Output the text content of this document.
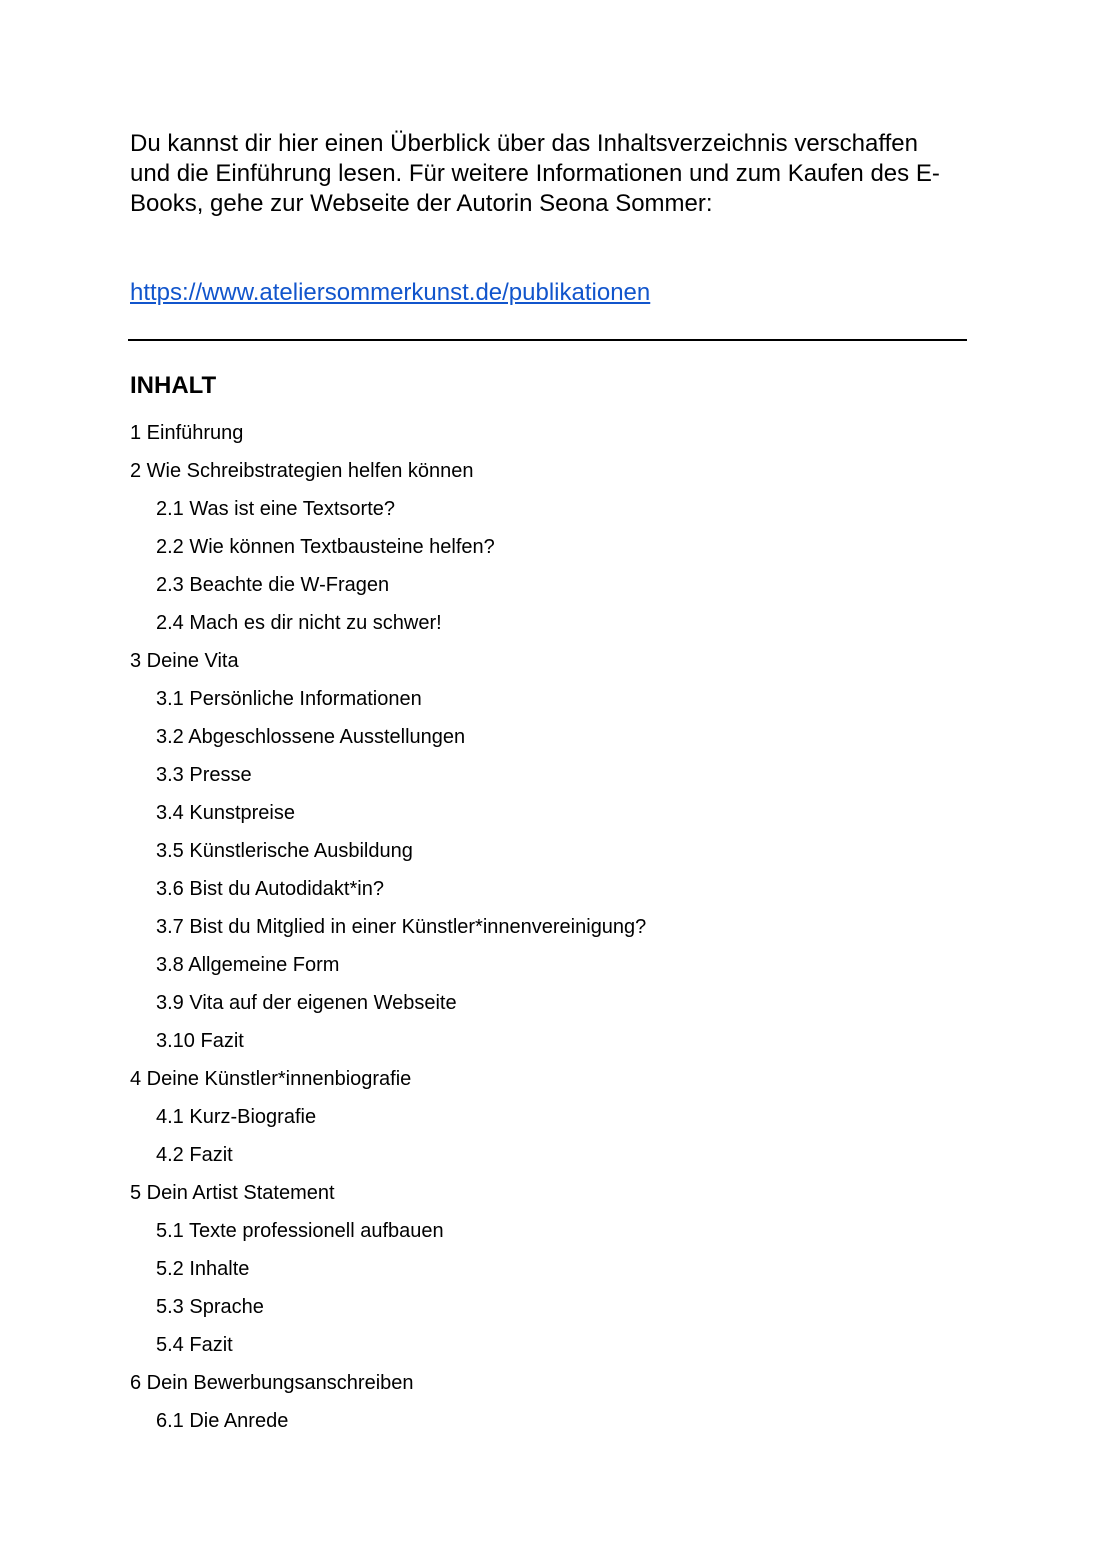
Du kannst dir hier einen Überblick über das Inhaltsverzeichnis verschaffen und die Einführung lesen. Für weitere Informationen und zum Kaufen des E-Books, gehe zur Webseite der Autorin Seona Sommer:

https://www.ateliersommerkunst.de/publikationen
INHALT
1 Einführung
2 Wie Schreibstrategien helfen können
2.1 Was ist eine Textsorte?
2.2 Wie können Textbausteine helfen?
2.3 Beachte die W-Fragen
2.4 Mach es dir nicht zu schwer!
3 Deine Vita
3.1 Persönliche Informationen
3.2 Abgeschlossene Ausstellungen
3.3 Presse
3.4 Kunstpreise
3.5 Künstlerische Ausbildung
3.6 Bist du Autodidakt*in?
3.7 Bist du Mitglied in einer Künstler*innenvereinigung?
3.8 Allgemeine Form
3.9 Vita auf der eigenen Webseite
3.10 Fazit
4 Deine Künstler*innenbiografie
4.1 Kurz-Biografie
4.2 Fazit
5 Dein Artist Statement
5.1 Texte professionell aufbauen
5.2 Inhalte
5.3 Sprache
5.4 Fazit
6 Dein Bewerbungsanschreiben
6.1 Die Anrede
